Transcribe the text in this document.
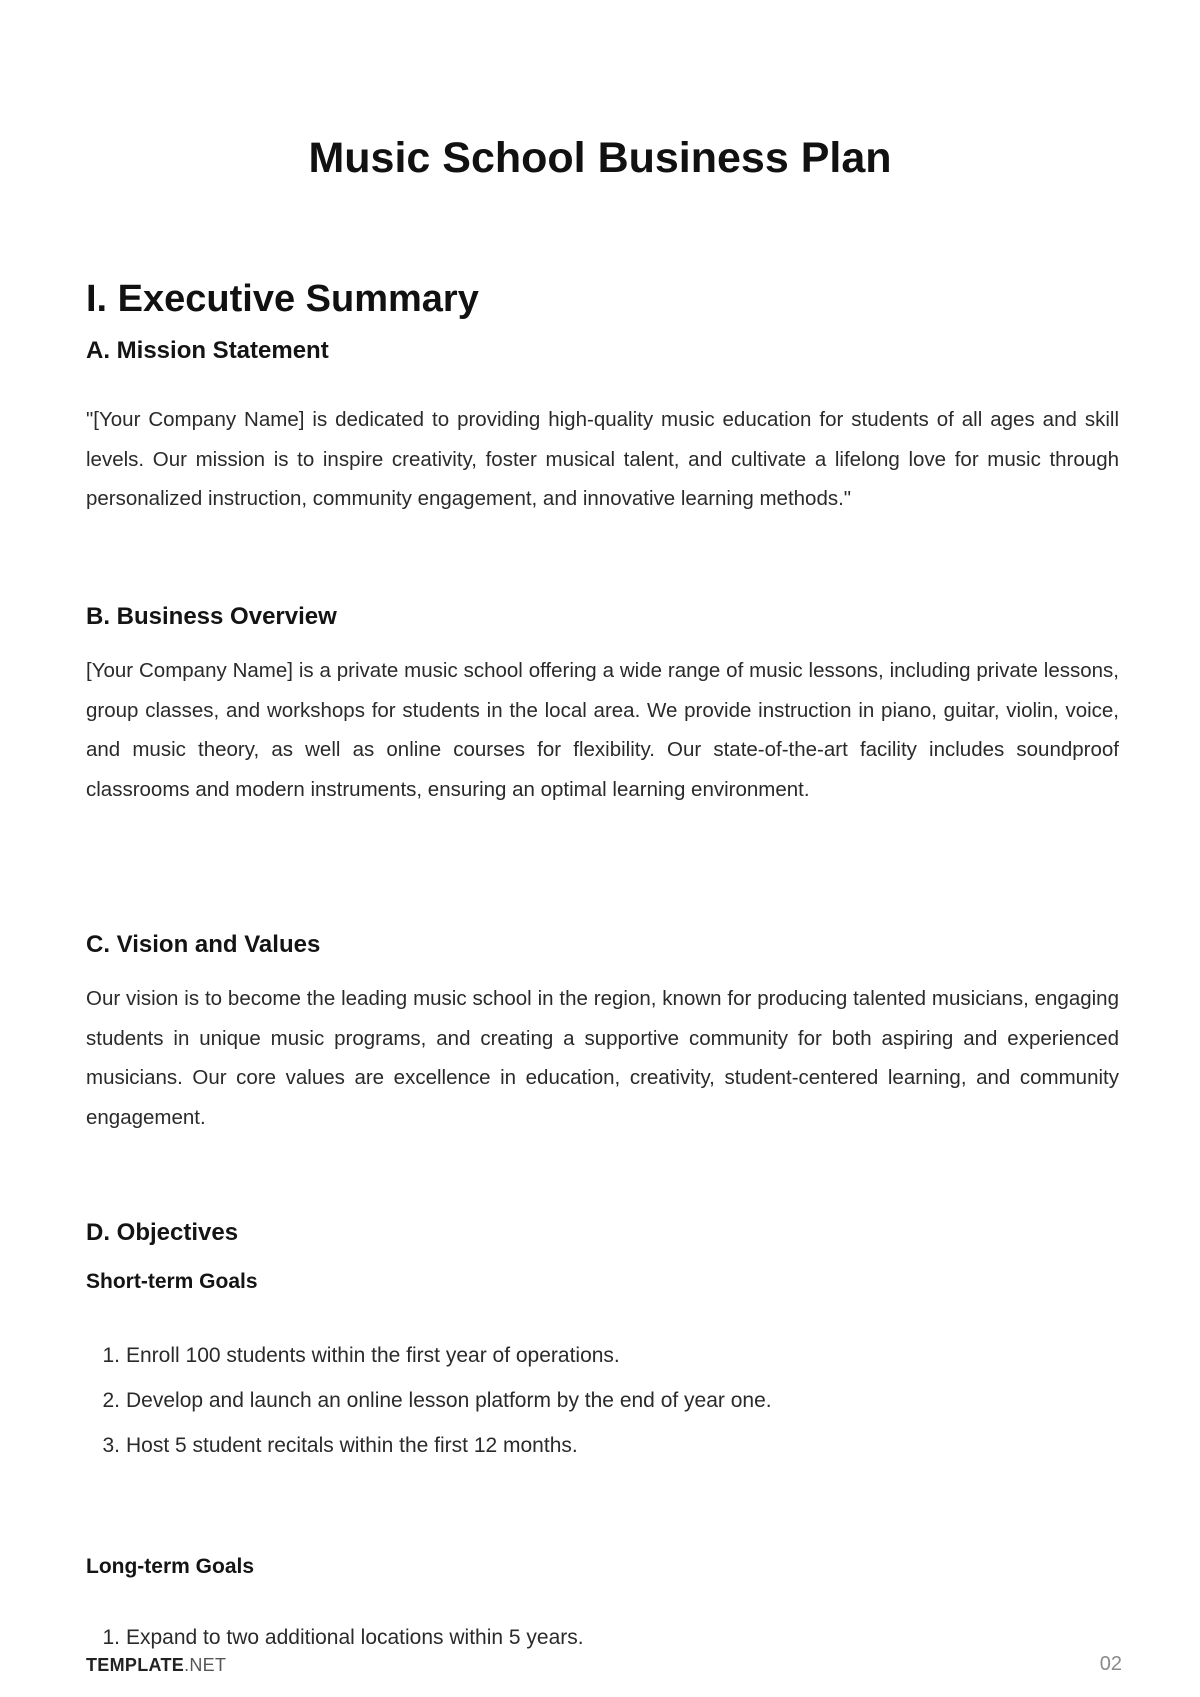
Music School Business Plan
I. Executive Summary
A. Mission Statement

"[Your Company Name] is dedicated to providing high-quality music education for students of all ages and skill levels. Our mission is to inspire creativity, foster musical talent, and cultivate a lifelong love for music through personalized instruction, community engagement, and innovative learning methods."

B. Business Overview

[Your Company Name] is a private music school offering a wide range of music lessons, including private lessons, group classes, and workshops for students in the local area. We provide instruction in piano, guitar, violin, voice, and music theory, as well as online courses for flexibility. Our state-of-the-art facility includes soundproof classrooms and modern instruments, ensuring an optimal learning environment.

C. Vision and Values

Our vision is to become the leading music school in the region, known for producing talented musicians, engaging students in unique music programs, and creating a supportive community for both aspiring and experienced musicians. Our core values are excellence in education, creativity, student-centered learning, and community engagement.

D. Objectives
Short-term Goals
1. Enroll 100 students within the first year of operations.
2. Develop and launch an online lesson platform by the end of year one.
3. Host 5 student recitals within the first 12 months.
Long-term Goals
1. Expand to two additional locations within 5 years.
TEMPLATE.NET	02
